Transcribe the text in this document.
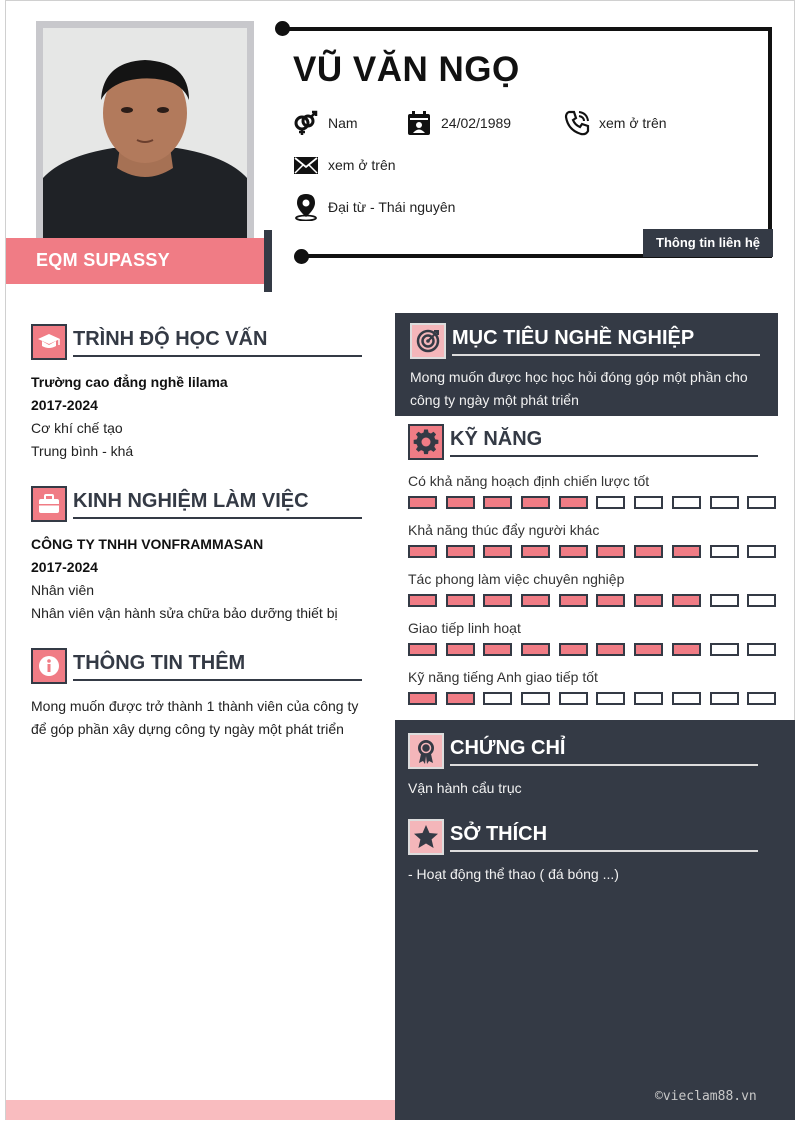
EQM SUPASSY
Thông tin liên hệ
VŨ VĂN NGỌ
Nam	24/02/1989	xem ở trên
xem ở trên
Đại từ - Thái nguyên
TRÌNH ĐỘ HỌC VẤN
Trường cao đẳng nghề lilama
2017-2024
Cơ khí chế tạo
Trung bình - khá
KINH NGHIỆM LÀM VIỆC
CÔNG TY TNHH VONFRAMMASAN
2017-2024
Nhân viên
Nhân viên vận hành sửa chữa bảo dưỡng thiết bị
THÔNG TIN THÊM
Mong muốn được trở thành 1 thành viên của công ty để góp phần xây dựng công ty ngày một phát triển
MỤC TIÊU NGHỀ NGHIỆP
Mong muốn được học học hỏi đóng góp một phần cho công ty ngày một phát triển
KỸ NĂNG
Có khả năng hoạch định chiến lược tốt
Khả năng thúc đẩy người khác
Tác phong làm việc chuyên nghiệp
Giao tiếp linh hoạt
Kỹ năng tiếng Anh giao tiếp tốt
CHỨNG CHỈ
Vận hành cẩu trục
SỞ THÍCH
- Hoạt động thể thao ( đá bóng ...)
©vieclam88.vn
